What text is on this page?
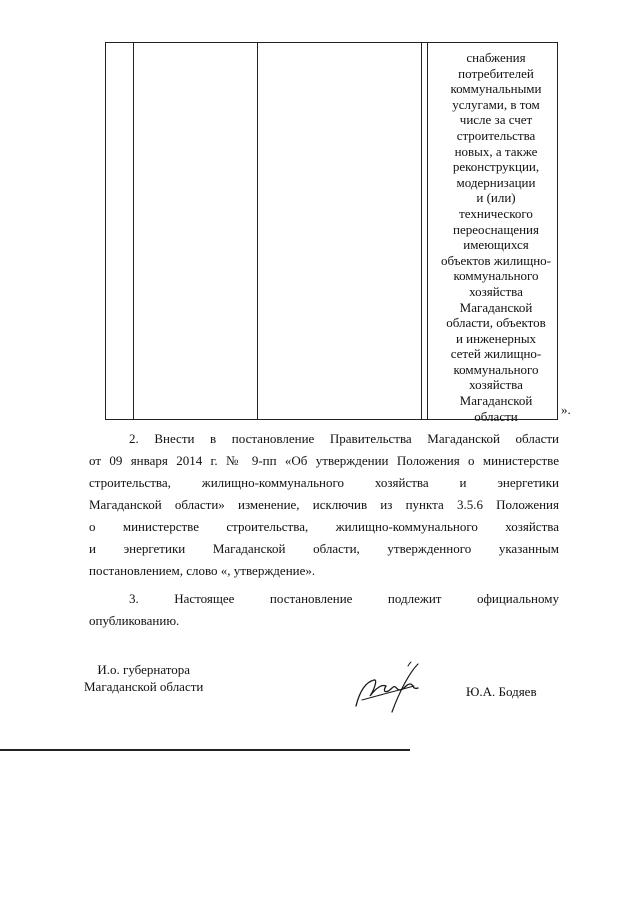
снабжения
потребителей
коммунальными
услугами, в том
числе за счет
строительства
новых, а также
реконструкции,
модернизации
и (или)
технического
переоснащения
имеющихся
объектов жилищно-
коммунального
хозяйства
Магаданской
области, объектов
и инженерных
сетей жилищно-
коммунального
хозяйства
Магаданской
области	».
2. Внести в постановление Правительства Магаданской области
от 09 января 2014 г. № 9-пп «Об утверждении Положения о министерстве
строительства, жилищно-коммунального хозяйства и энергетики
Магаданской области» изменение, исключив из пункта 3.5.6 Положения
о министерстве строительства, жилищно-коммунального хозяйства
и энергетики Магаданской области, утвержденного указанным
постановлением, слово «, утверждение».
3. Настоящее постановление подлежит официальному
опубликованию.
И.о. губернатора
Магаданской области	Ю.А. Бодяев
